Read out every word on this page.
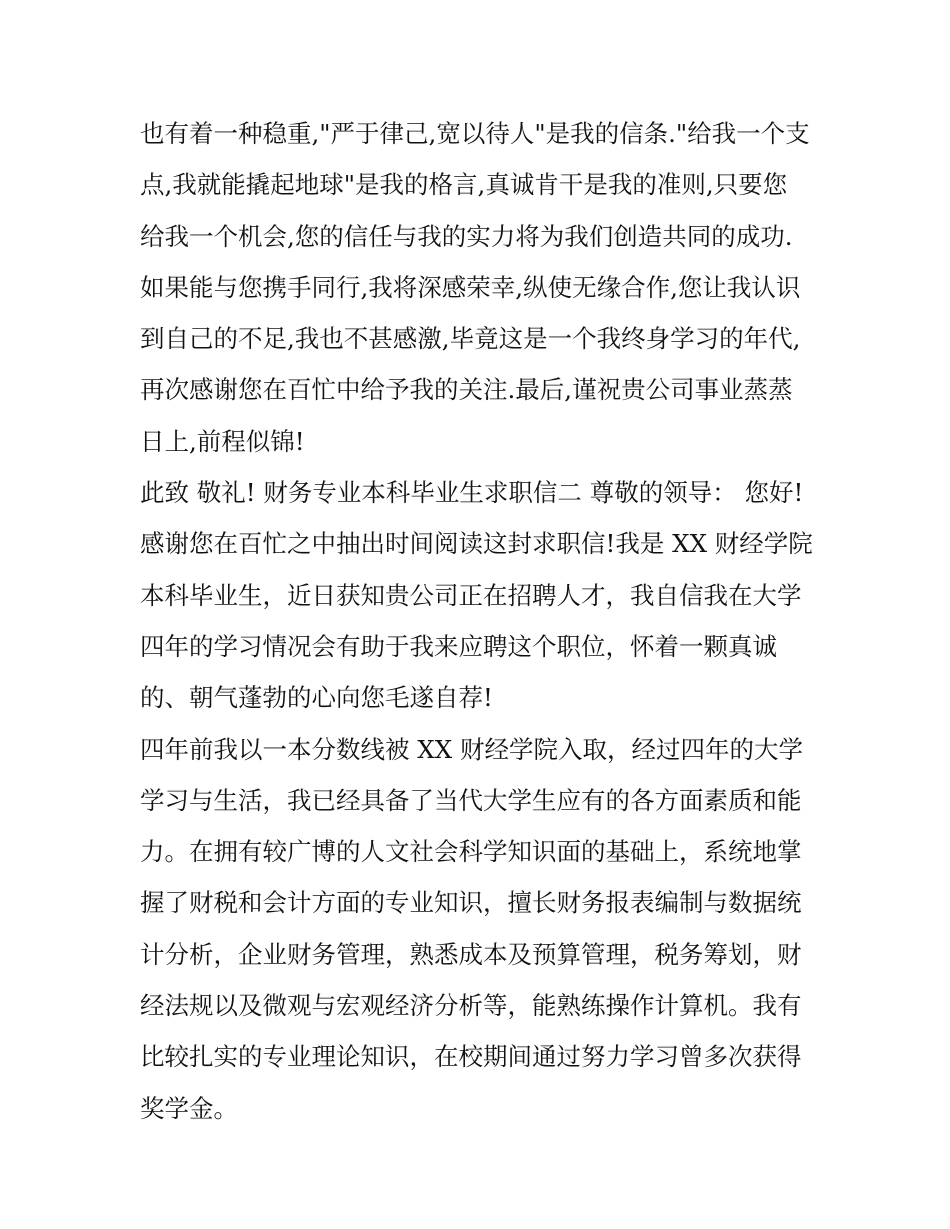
也有着一种稳重,"严于律己,宽以待人"是我的信条."给我一个支
点,我就能撬起地球"是我的格言,真诚肯干是我的准则,只要您
给我一个机会,您的信任与我的实力将为我们创造共同的成功.
如果能与您携手同行,我将深感荣幸,纵使无缘合作,您让我认识
到自己的不足,我也不甚感激,毕竟这是一个我终身学习的年代,
再次感谢您在百忙中给予我的关注.最后,谨祝贵公司事业蒸蒸
日上,前程似锦!
此致 敬礼! 财务专业本科毕业生求职信二 尊敬的领导： 您好!
感谢您在百忙之中抽出时间阅读这封求职信!我是 XX 财经学院
本科毕业生，近日获知贵公司正在招聘人才，我自信我在大学
四年的学习情况会有助于我来应聘这个职位，怀着一颗真诚
的、朝气蓬勃的心向您毛遂自荐!
四年前我以一本分数线被 XX 财经学院入取，经过四年的大学
学习与生活，我已经具备了当代大学生应有的各方面素质和能
力。在拥有较广博的人文社会科学知识面的基础上，系统地掌
握了财税和会计方面的专业知识，擅长财务报表编制与数据统
计分析，企业财务管理，熟悉成本及预算管理，税务筹划，财
经法规以及微观与宏观经济分析等，能熟练操作计算机。我有
比较扎实的专业理论知识，在校期间通过努力学习曾多次获得
奖学金。
